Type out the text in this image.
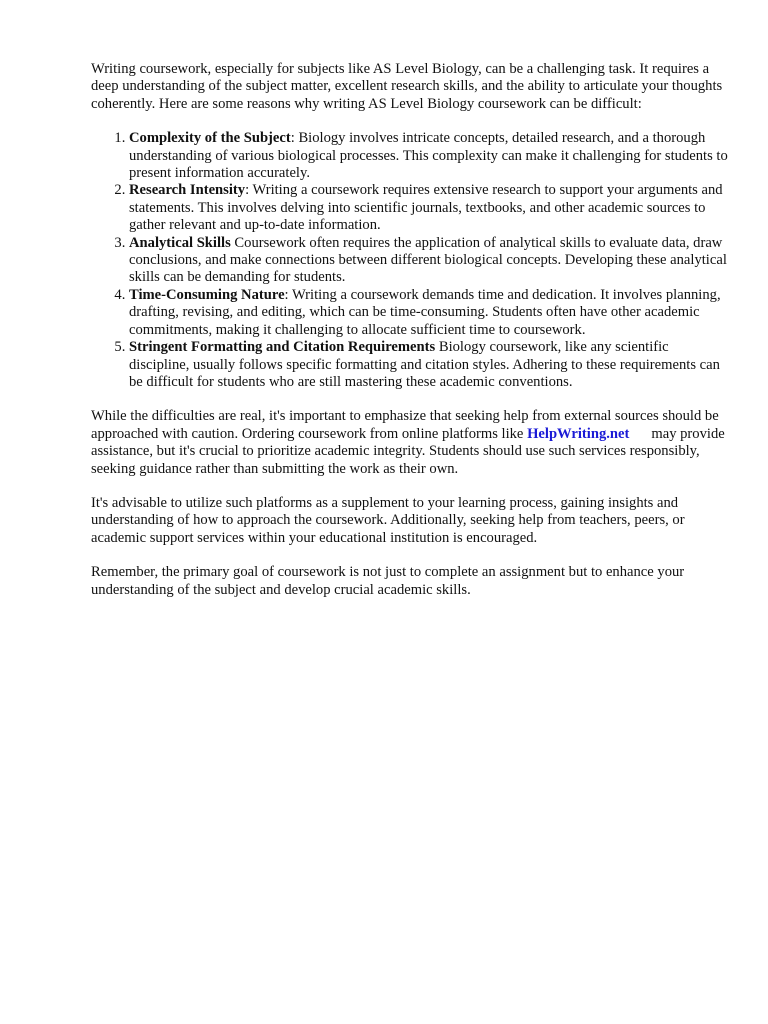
Writing coursework, especially for subjects like AS Level Biology, can be a challenging task. It requires a deep understanding of the subject matter, excellent research skills, and the ability to articulate your thoughts coherently. Here are some reasons why writing AS Level Biology coursework can be difficult:

1. Complexity of the Subject: Biology involves intricate concepts, detailed research, and a thorough understanding of various biological processes. This complexity can make it challenging for students to present information accurately.
2. Research Intensity: Writing a coursework requires extensive research to support your arguments and statements. This involves delving into scientific journals, textbooks, and other academic sources to gather relevant and up-to-date information.
3. Analytical Skills Coursework often requires the application of analytical skills to evaluate data, draw conclusions, and make connections between different biological concepts. Developing these analytical skills can be demanding for students.
4. Time-Consuming Nature: Writing a coursework demands time and dedication. It involves planning, drafting, revising, and editing, which can be time-consuming. Students often have other academic commitments, making it challenging to allocate sufficient time to coursework.
5. Stringent Formatting and Citation Requirements Biology coursework, like any scientific discipline, usually follows specific formatting and citation styles. Adhering to these requirements can be difficult for students who are still mastering these academic conventions.

While the difficulties are real, it's important to emphasize that seeking help from external sources should be approached with caution. Ordering coursework from online platforms like HelpWriting.net may provide assistance, but it's crucial to prioritize academic integrity. Students should use such services responsibly, seeking guidance rather than submitting the work as their own.

It's advisable to utilize such platforms as a supplement to your learning process, gaining insights and understanding of how to approach the coursework. Additionally, seeking help from teachers, peers, or academic support services within your educational institution is encouraged.

Remember, the primary goal of coursework is not just to complete an assignment but to enhance your understanding of the subject and develop crucial academic skills.
